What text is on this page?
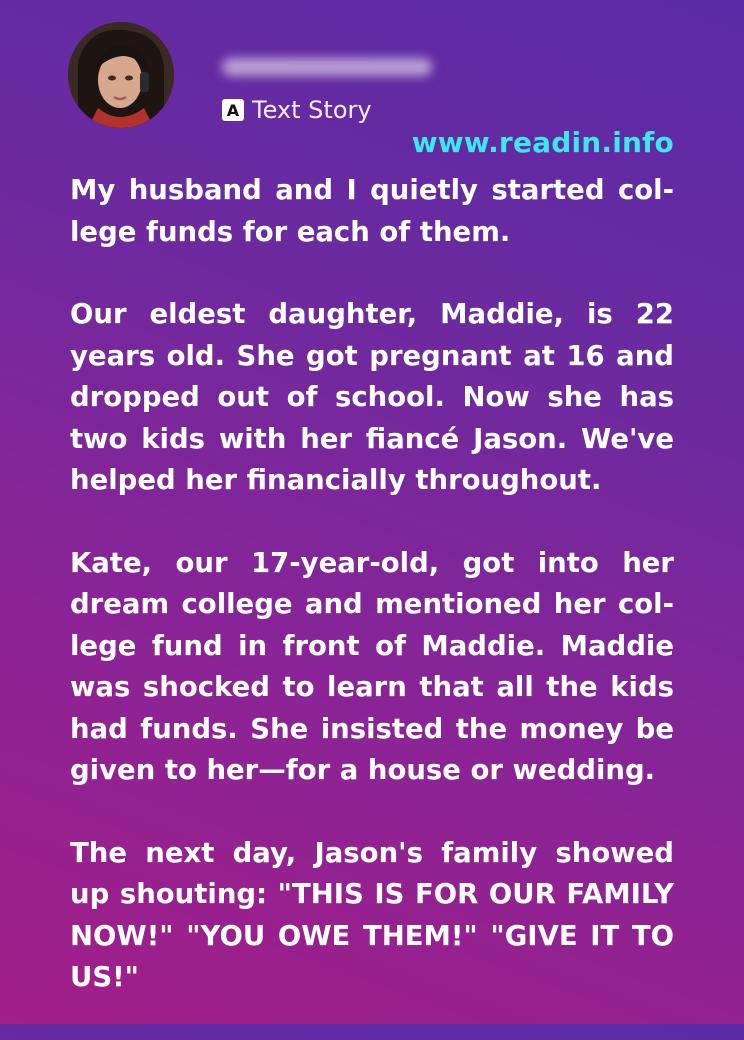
A Text Story
www.readin.info

My husband and I quietly started col-lege funds for each of them.

Our eldest daughter, Maddie, is 22 years old. She got pregnant at 16 and dropped out of school. Now she has two kids with her fiancé Jason. We've helped her financially throughout.

Kate, our 17-year-old, got into her dream college and mentioned her col-lege fund in front of Maddie. Maddie was shocked to learn that all the kids had funds. She insisted the money be given to her—for a house or wedding.

The next day, Jason's family showed up shouting: "THIS IS FOR OUR FAMILY NOW!" "YOU OWE THEM!" "GIVE IT TO US!"
